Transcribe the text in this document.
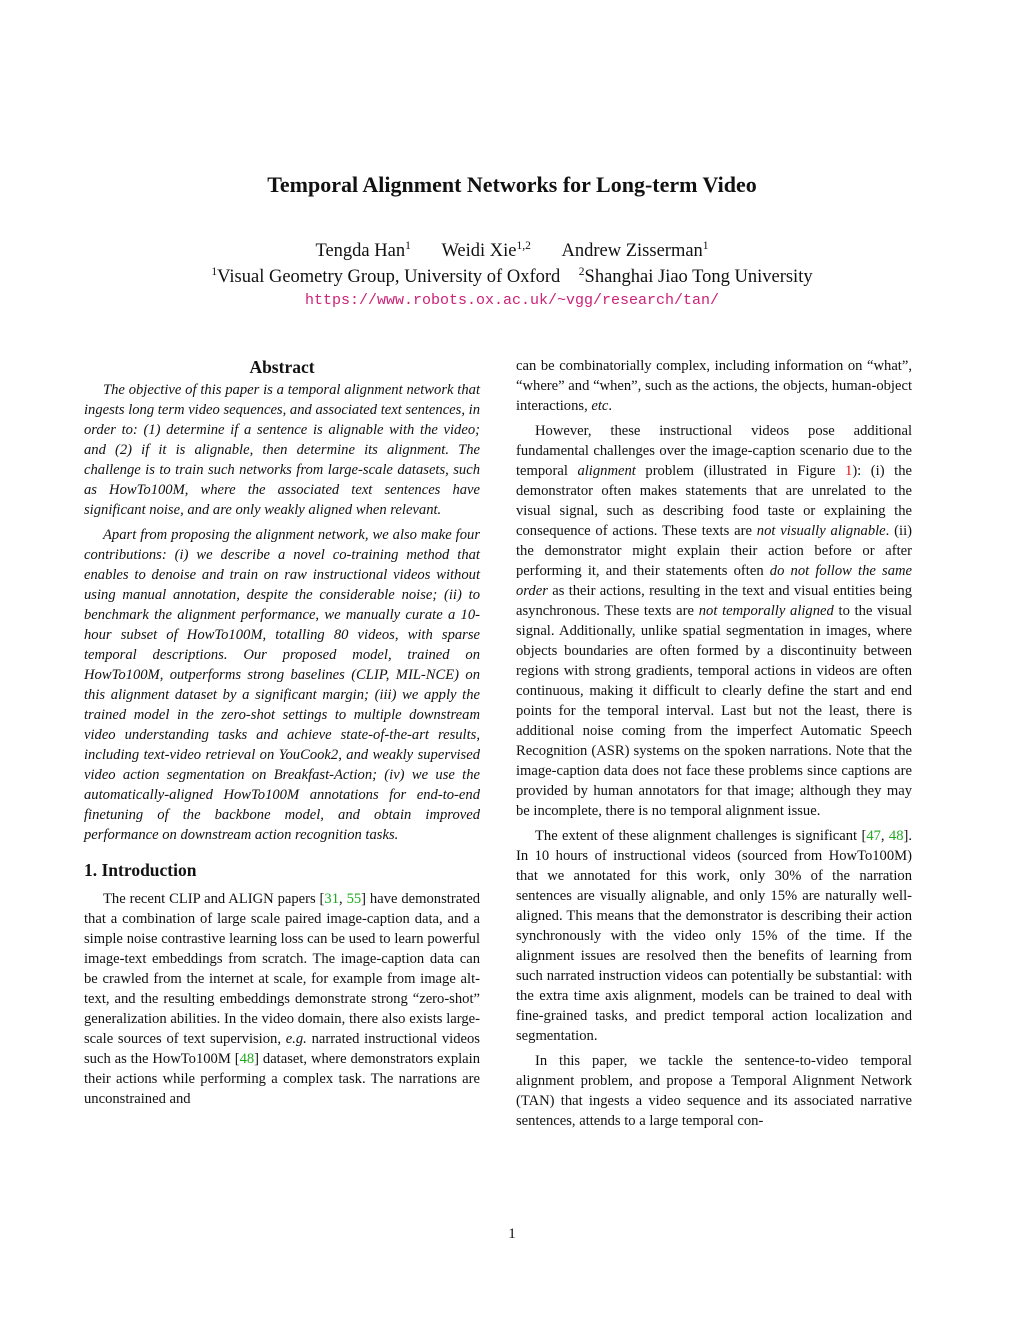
Temporal Alignment Networks for Long-term Video
Tengda Han$^1$ Weidi Xie$^{1,2}$ Andrew Zisserman$^1$
$^1$Visual Geometry Group, University of Oxford $^2$Shanghai Jiao Tong University
https://www.robots.ox.ac.uk/~vgg/research/tan/
Abstract

The objective of this paper is a temporal alignment network that ingests long term video sequences, and associated text sentences, in order to: (1) determine if a sentence is alignable with the video; and (2) if it is alignable, then determine its alignment. The challenge is to train such networks from large-scale datasets, such as HowTo100M, where the associated text sentences have significant noise, and are only weakly aligned when relevant.

Apart from proposing the alignment network, we also make four contributions: (i) we describe a novel co-training method that enables to denoise and train on raw instructional videos without using manual annotation, despite the considerable noise; (ii) to benchmark the alignment performance, we manually curate a 10-hour subset of HowTo100M, totalling 80 videos, with sparse temporal descriptions. Our proposed model, trained on HowTo100M, outperforms strong baselines (CLIP, MIL-NCE) on this alignment dataset by a significant margin; (iii) we apply the trained model in the zero-shot settings to multiple downstream video understanding tasks and achieve state-of-the-art results, including text-video retrieval on YouCook2, and weakly supervised video action segmentation on Breakfast-Action; (iv) we use the automatically-aligned HowTo100M annotations for end-to-end finetuning of the backbone model, and obtain improved performance on downstream action recognition tasks.

1. Introduction

The recent CLIP and ALIGN papers [31, 55] have demonstrated that a combination of large scale paired image-caption data, and a simple noise contrastive learning loss can be used to learn powerful image-text embeddings from scratch. The image-caption data can be crawled from the internet at scale, for example from image alt-text, and the resulting embeddings demonstrate strong “zero-shot” generalization abilities. In the video domain, there also exists large-scale sources of text supervision, e.g. narrated instructional videos such as the HowTo100M [48] dataset, where demonstrators explain their actions while performing a complex task. The narrations are unconstrained and

can be combinatorially complex, including information on “what”, “where” and “when”, such as the actions, the objects, human-object interactions, etc.

However, these instructional videos pose additional fundamental challenges over the image-caption scenario due to the temporal alignment problem (illustrated in Figure 1): (i) the demonstrator often makes statements that are unrelated to the visual signal, such as describing food taste or explaining the consequence of actions. These texts are not visually alignable. (ii) the demonstrator might explain their action before or after performing it, and their statements often do not follow the same order as their actions, resulting in the text and visual entities being asynchronous. These texts are not temporally aligned to the visual signal. Additionally, unlike spatial segmentation in images, where objects boundaries are often formed by a discontinuity between regions with strong gradients, temporal actions in videos are often continuous, making it difficult to clearly define the start and end points for the temporal interval. Last but not the least, there is additional noise coming from the imperfect Automatic Speech Recognition (ASR) systems on the spoken narrations. Note that the image-caption data does not face these problems since captions are provided by human annotators for that image; although they may be incomplete, there is no temporal alignment issue.

The extent of these alignment challenges is significant [47, 48]. In 10 hours of instructional videos (sourced from HowTo100M) that we annotated for this work, only 30% of the narration sentences are visually alignable, and only 15% are naturally well-aligned. This means that the demonstrator is describing their action synchronously with the video only 15% of the time. If the alignment issues are resolved then the benefits of learning from such narrated instruction videos can potentially be substantial: with the extra time axis alignment, models can be trained to deal with fine-grained tasks, and predict temporal action localization and segmentation.

In this paper, we tackle the sentence-to-video temporal alignment problem, and propose a Temporal Alignment Network (TAN) that ingests a video sequence and its associated narrative sentences, attends to a large temporal con-

1
